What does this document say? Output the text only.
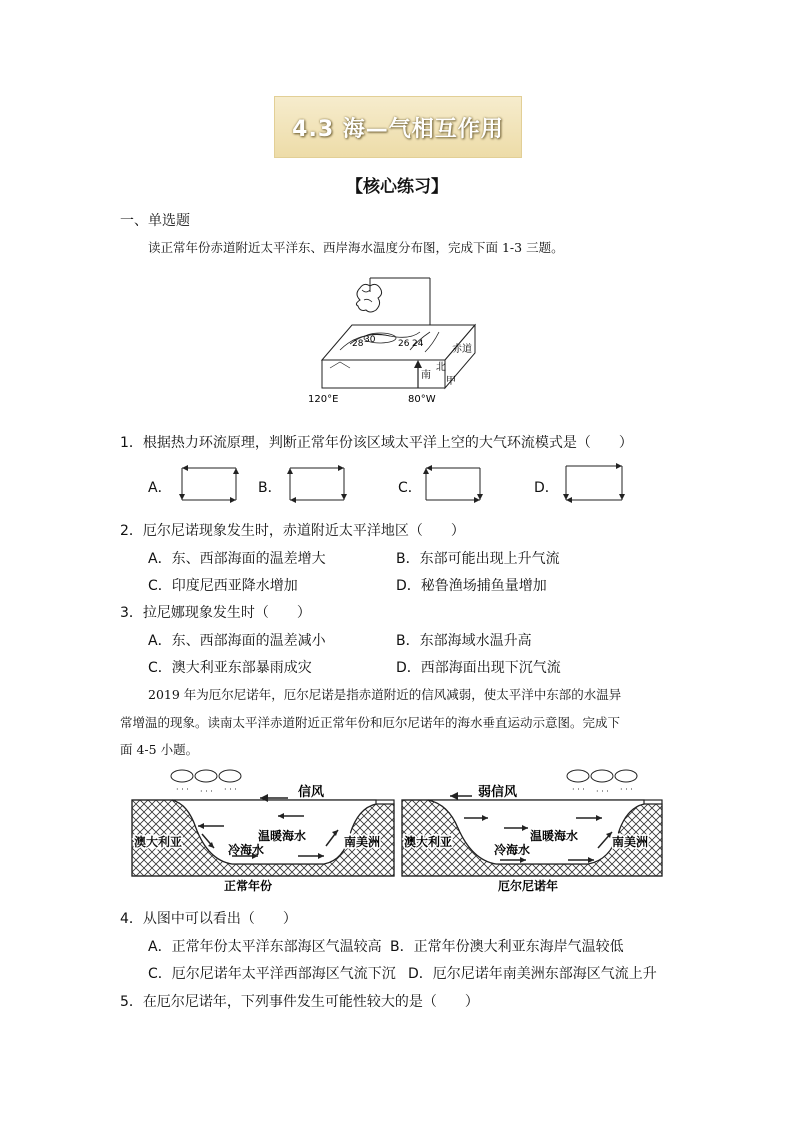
4.3 海—气相互作用
【核心练习】
一、单选题
读正常年份赤道附近太平洋东、西岸海水温度分布图，完成下面 1-3 三题。
28 30	26 24	赤道
北
南
甲
120°E	80°W
1．根据热力环流原理，判断正常年份该区域太平洋上空的大气环流模式是（　　）
A．	B．	C．	D．
2．厄尔尼诺现象发生时，赤道附近太平洋地区（　　）
A．东、西部海面的温差增大	B．东部可能出现上升气流
C．印度尼西亚降水增加	D．秘鲁渔场捕鱼量增加
3．拉尼娜现象发生时（　　）
A．东、西部海面的温差减小	B．东部海域水温升高
C．澳大利亚东部暴雨成灾	D．西部海面出现下沉气流
2019 年为厄尔尼诺年，厄尔尼诺是指赤道附近的信风减弱，使太平洋中东部的水温异
常增温的现象。读南太平洋赤道附近正常年份和厄尔尼诺年的海水垂直运动示意图。完成下
面 4-5 小题。
· · · · · · · · ·	信风
澳大利亚	温暖海水
冷海水
南美洲
正常年份
· · · · · · · · ·
弱信风
澳大利亚	温暖海水
冷海水
南美洲
厄尔尼诺年
4．从图中可以看出（　　）
A．正常年份太平洋东部海区气温较高 B．正常年份澳大利亚东海岸气温较低
C．厄尔尼诺年太平洋西部海区气流下沉 D．厄尔尼诺年南美洲东部海区气流上升
5．在厄尔尼诺年，下列事件发生可能性较大的是（　　）
